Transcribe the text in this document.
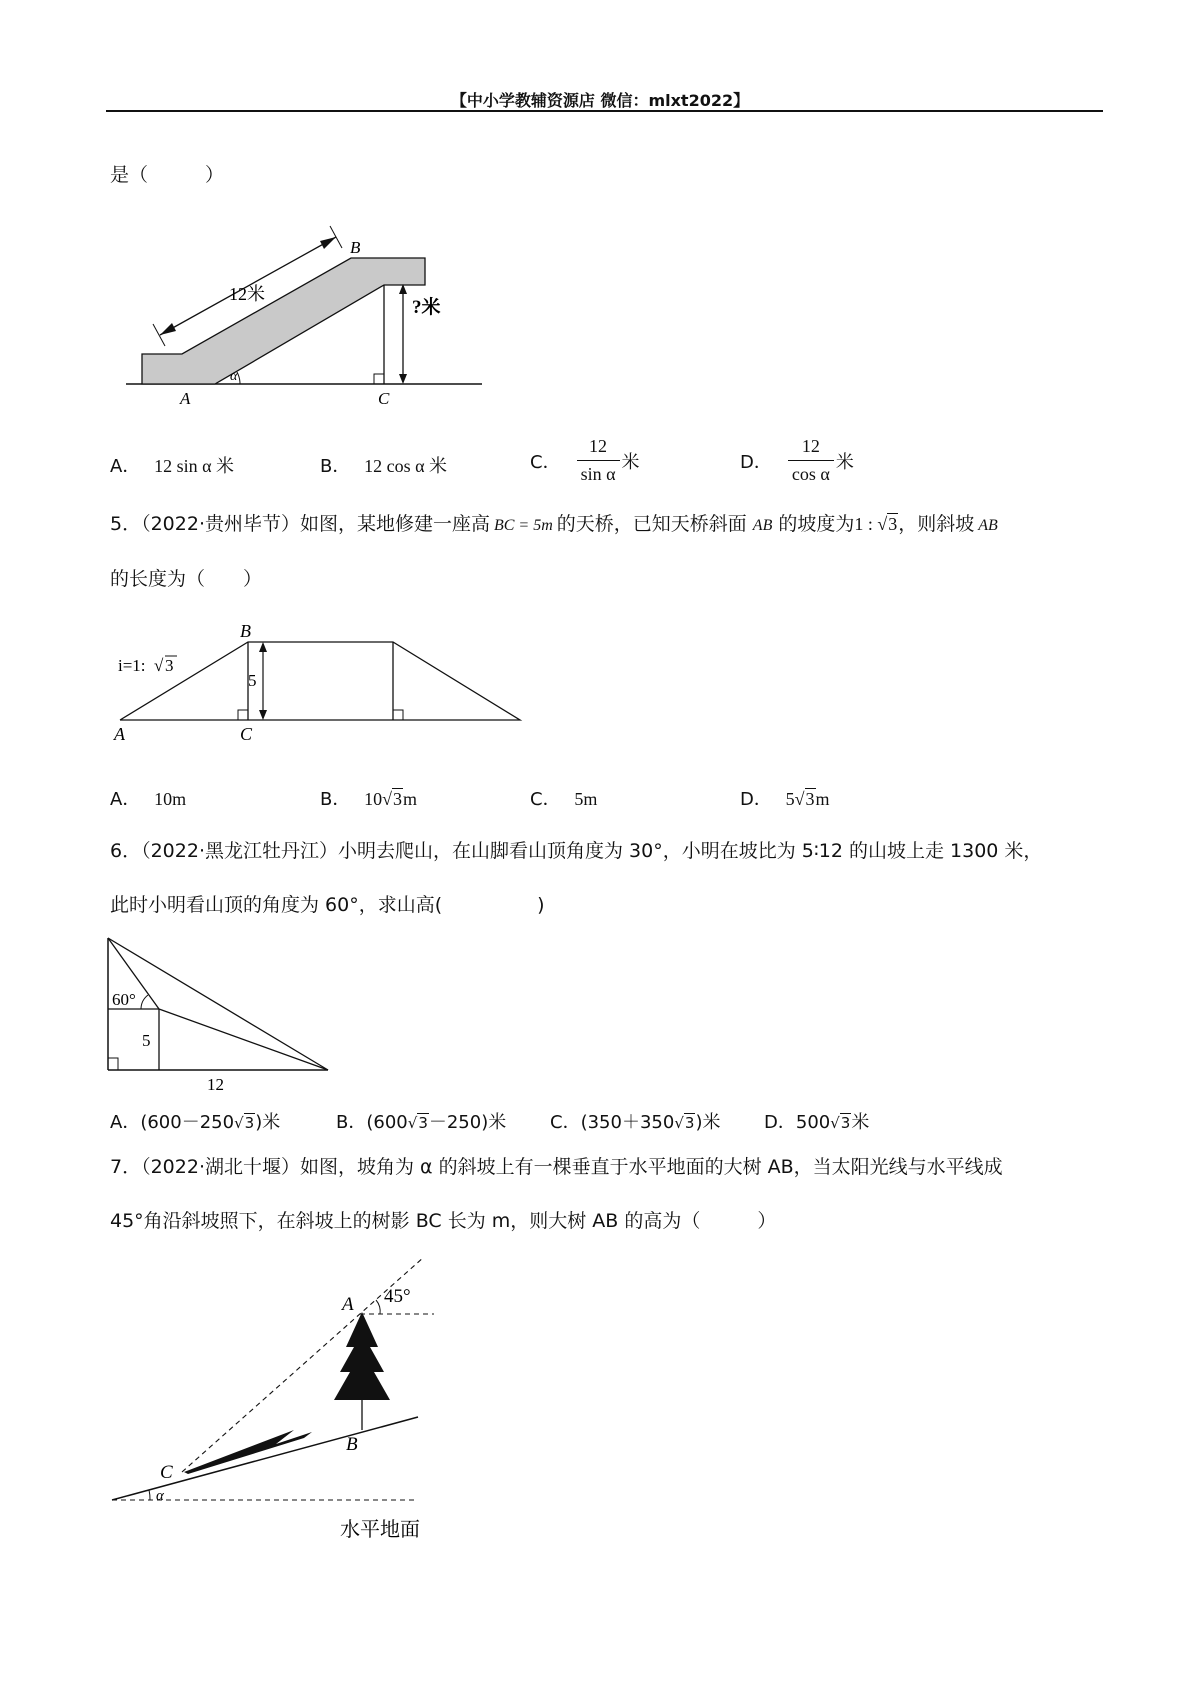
【中小学教辅资源店 微信：mlxt2022】
是（　　　）
12米
?米
B
A	C
α
A． 12 sin α 米	B． 12 cos α 米	C． $\frac{12}{\text{sin α}}$ 米	D． $\frac{12}{\text{cos α}}$ 米
5．（2022·贵州毕节）如图，某地修建一座高 BC = 5m 的天桥，已知天桥斜面 AB 的坡度为1 : √3，则斜坡 AB
的长度为（　　）
i=1: √ 3
5
B
A	C
A． 10m	B． 10√3m	C． 5m	D． 5√3m
6．（2022·黑龙江牡丹江）小明去爬山，在山脚看山顶角度为 30°，小明在坡比为 5∶12 的山坡上走 1300 米，
此时小明看山顶的角度为 60°，求山高(　　　　　)
60°
5
12
A．(600－250√3)米	B．(600√3－250)米 C．(350＋350√3)米 D．500√3米
7．（2022·湖北十堰）如图，坡角为 α 的斜坡上有一棵垂直于水平地面的大树 AB，当太阳光线与水平线成
45°角沿斜坡照下，在斜坡上的树影 BC 长为 m，则大树 AB 的高为（　　　）
A 45°
B
C
α
水平地面
